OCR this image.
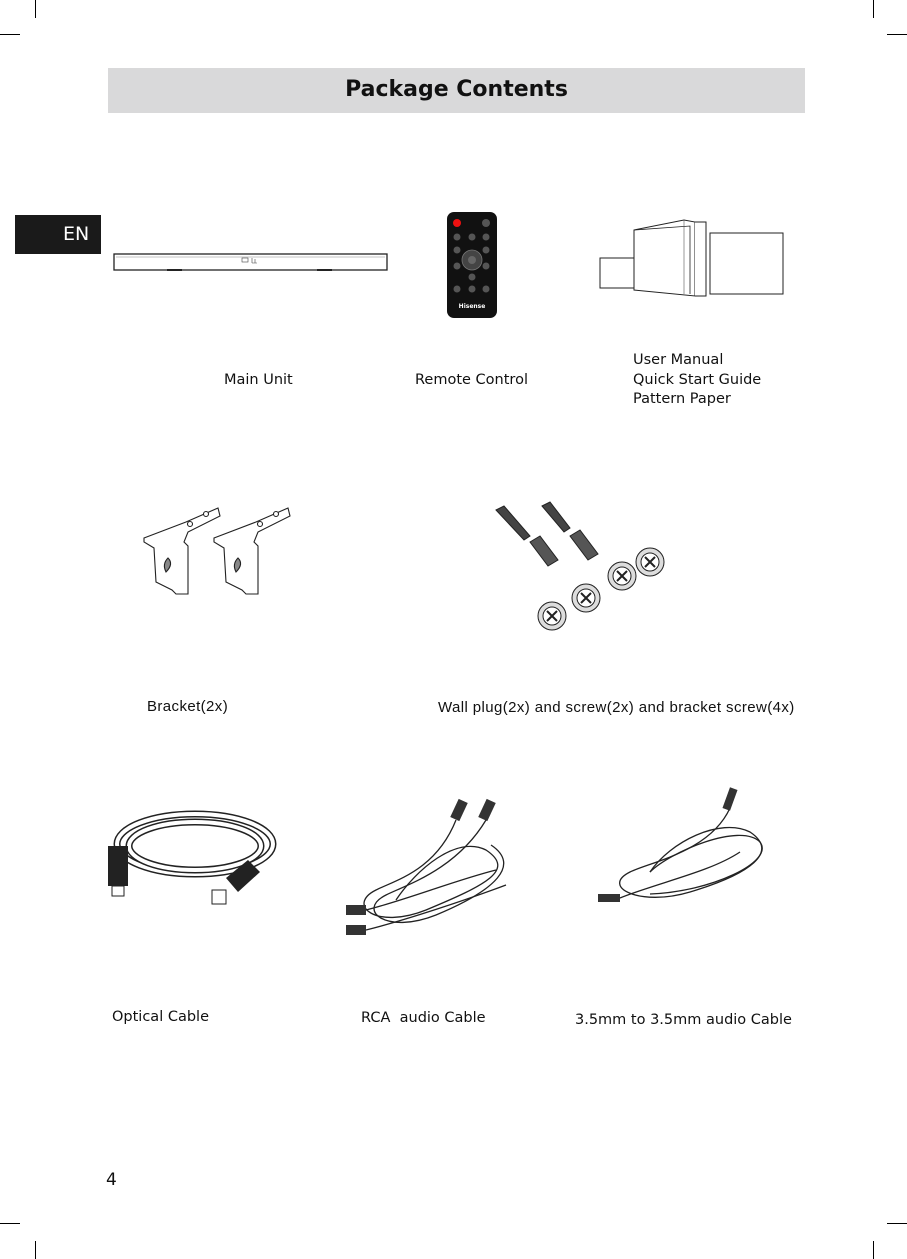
Package Contents
EN
Hisense
Main Unit	Remote Control
User Manual
Quick Start Guide
Pattern Paper
Bracket(2x)	Wall plug(2x) and screw(2x) and bracket screw(4x)
Optical Cable	RCA  audio Cable	3.5mm to 3.5mm audio Cable
4
